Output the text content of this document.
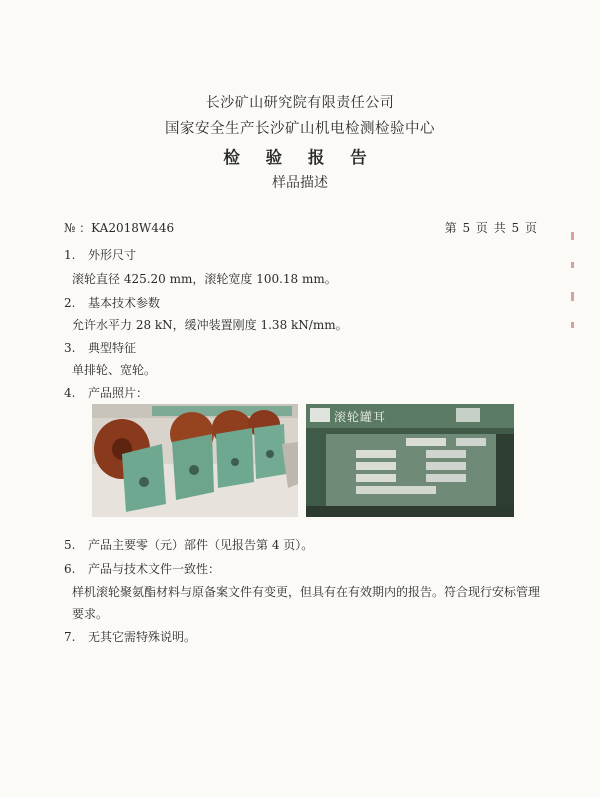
长沙矿山研究院有限责任公司
国家安全生产长沙矿山机电检测检验中心
检 验 报 告
样品描述
№ ：KA2018W446	第 5 页 共 5 页
1. 外形尺寸
滚轮直径 425.20 mm，滚轮宽度 100.18 mm。
2. 基本技术参数
允许水平力 28 kN，缓冲装置刚度 1.38 kN/mm。
3. 典型特征
单排轮、宽轮。
4. 产品照片：
滚轮罐耳
5. 产品主要零（元）部件（见报告第 4 页）。
6. 产品与技术文件一致性：
样机滚轮聚氨酯材料与原备案文件有变更，但具有在有效期内的报告。符合现行安标管理
要求。
7. 无其它需特殊说明。
